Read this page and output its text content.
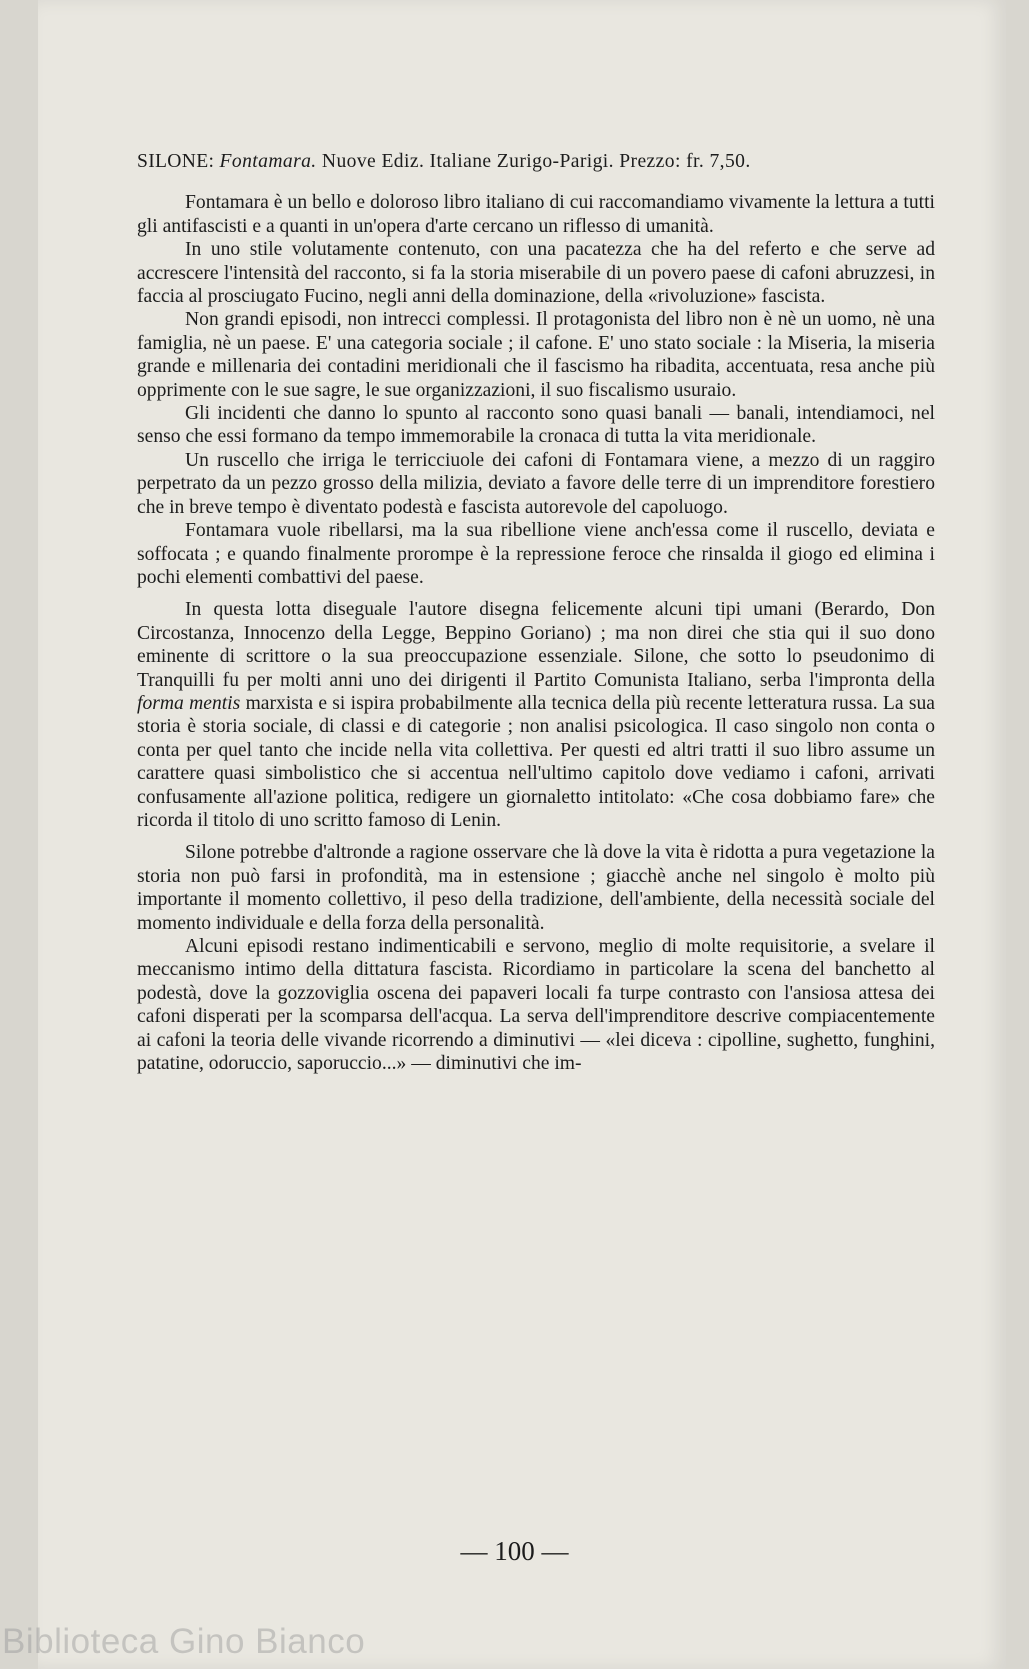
SILONE: Fontamara. Nuove Ediz. Italiane Zurigo-Parigi. Prezzo: fr. 7,50.

Fontamara è un bello e doloroso libro italiano di cui raccomandiamo vivamente la lettura a tutti gli antifascisti e a quanti in un'opera d'arte cercano un riflesso di umanità.

In uno stile volutamente contenuto, con una pacatezza che ha del referto e che serve ad accrescere l'intensità del racconto, si fa la storia miserabile di un povero paese di cafoni abruzzesi, in faccia al prosciugato Fucino, negli anni della dominazione, della «rivoluzione» fascista.

Non grandi episodi, non intrecci complessi. Il protagonista del libro non è nè un uomo, nè una famiglia, nè un paese. E' una categoria sociale ; il cafone. E' uno stato sociale : la Miseria, la miseria grande e millenaria dei contadini meridionali che il fascismo ha ribadita, accentuata, resa anche più opprimente con le sue sagre, le sue organizzazioni, il suo fiscalismo usuraio.

Gli incidenti che danno lo spunto al racconto sono quasi banali — banali, intendiamoci, nel senso che essi formano da tempo immemorabile la cronaca di tutta la vita meridionale.

Un ruscello che irriga le terricciuole dei cafoni di Fontamara viene, a mezzo di un raggiro perpetrato da un pezzo grosso della milizia, deviato a favore delle terre di un imprenditore forestiero che in breve tempo è diventato podestà e fascista autorevole del capoluogo.

Fontamara vuole ribellarsi, ma la sua ribellione viene anch'essa come il ruscello, deviata e soffocata ; e quando finalmente prorompe è la repressione feroce che rinsalda il giogo ed elimina i pochi elementi combattivi del paese.

In questa lotta diseguale l'autore disegna felicemente alcuni tipi umani (Berardo, Don Circostanza, Innocenzo della Legge, Beppino Goriano) ; ma non direi che stia qui il suo dono eminente di scrittore o la sua preoccupazione essenziale. Silone, che sotto lo pseudonimo di Tranquilli fu per molti anni uno dei dirigenti il Partito Comunista Italiano, serba l'impronta della forma mentis marxista e si ispira probabilmente alla tecnica della più recente letteratura russa. La sua storia è storia sociale, di classi e di categorie ; non analisi psicologica. Il caso singolo non conta o conta per quel tanto che incide nella vita collettiva. Per questi ed altri tratti il suo libro assume un carattere quasi simbolistico che si accentua nell'ultimo capitolo dove vediamo i cafoni, arrivati confusamente all'azione politica, redigere un giornaletto intitolato: «Che cosa dobbiamo fare» che ricorda il titolo di uno scritto famoso di Lenin.

Silone potrebbe d'altronde a ragione osservare che là dove la vita è ridotta a pura vegetazione la storia non può farsi in profondità, ma in estensione ; giacchè anche nel singolo è molto più importante il momento collettivo, il peso della tradizione, dell'ambiente, della necessità sociale del momento individuale e della forza della personalità.

Alcuni episodi restano indimenticabili e servono, meglio di molte requisitorie, a svelare il meccanismo intimo della dittatura fascista. Ricordiamo in particolare la scena del banchetto al podestà, dove la gozzoviglia oscena dei papaveri locali fa turpe contrasto con l'ansiosa attesa dei cafoni disperati per la scomparsa dell'acqua. La serva dell'imprenditore descrive compiacentemente ai cafoni la teoria delle vivande ricorrendo a diminutivi — «lei diceva : cipolline, sughetto, funghini, patatine, odoruccio, saporuccio...» — diminutivi che im-

— 100 —
Biblioteca Gino Bianco
